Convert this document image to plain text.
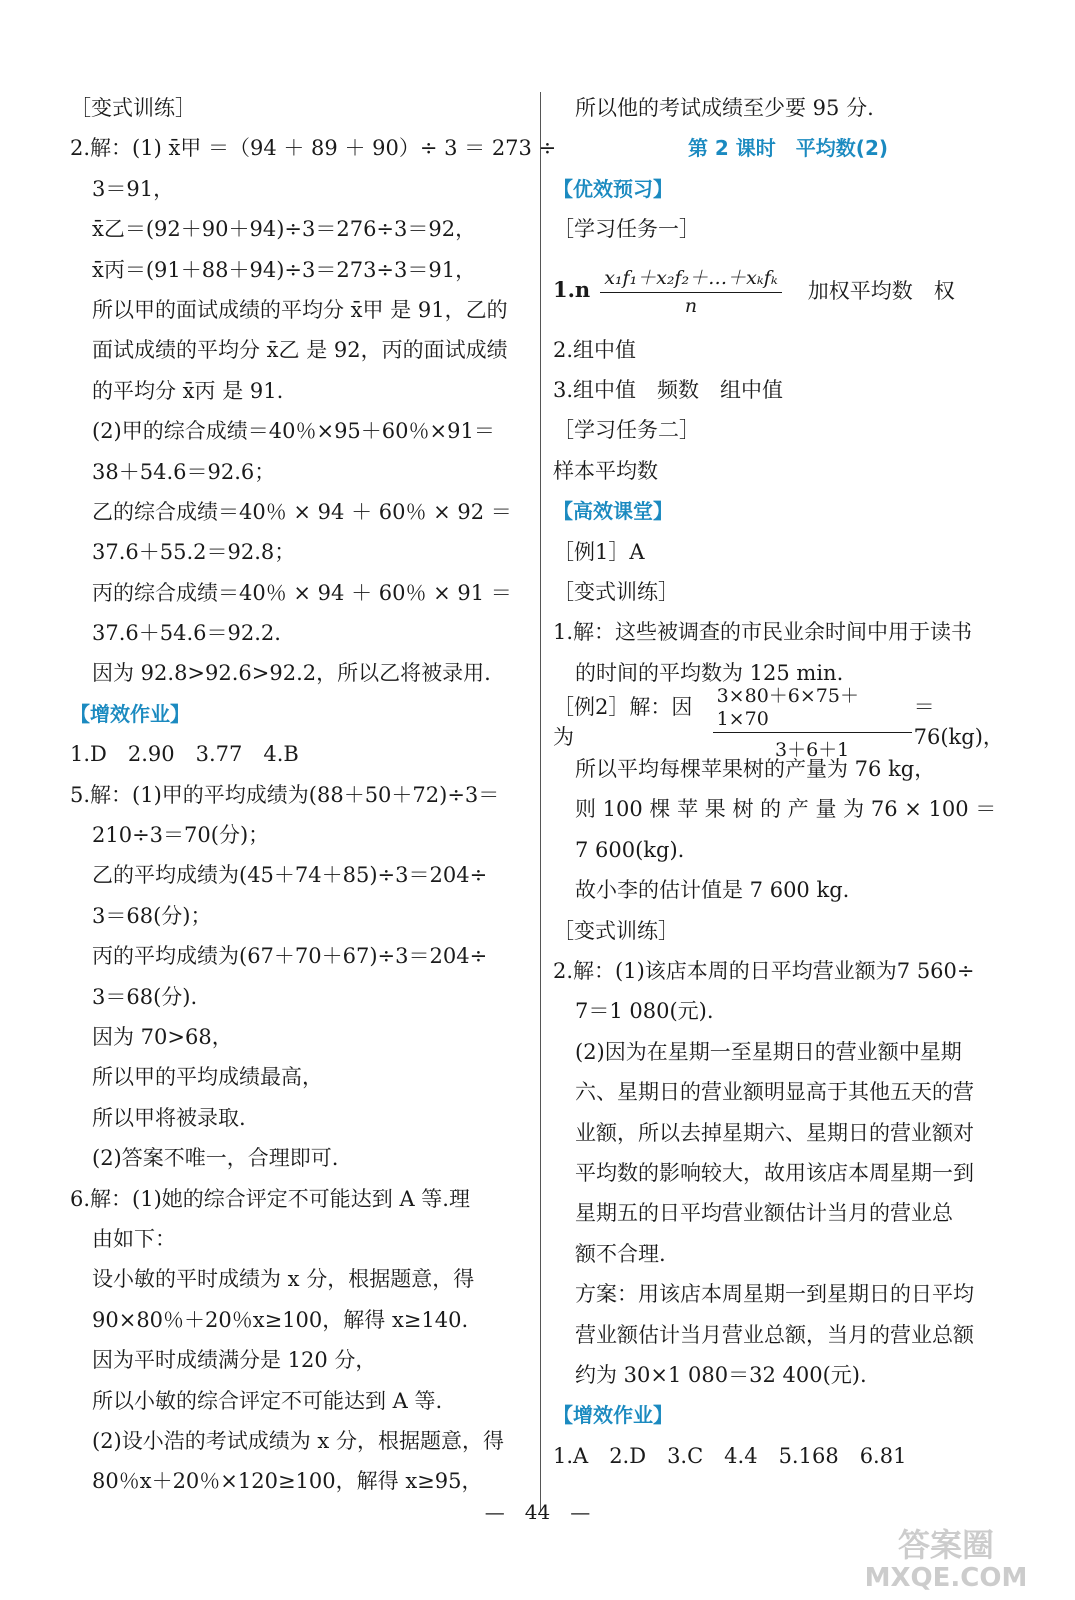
［变式训练］
2.解：(1) x̄甲 ＝（94 ＋ 89 ＋ 90）÷ 3 ＝ 273 ÷
3＝91，
x̄乙＝(92＋90＋94)÷3＝276÷3＝92，
x̄丙＝(91＋88＋94)÷3＝273÷3＝91，
所以甲的面试成绩的平均分 x̄甲 是 91，乙的
面试成绩的平均分 x̄乙 是 92，丙的面试成绩
的平均分 x̄丙 是 91.
(2)甲的综合成绩＝40％×95＋60％×91＝
38＋54.6＝92.6；
乙的综合成绩＝40％ × 94 ＋ 60％ × 92 ＝
37.6＋55.2＝92.8；
丙的综合成绩＝40％ × 94 ＋ 60％ × 91 ＝
37.6＋54.6＝92.2.
因为 92.8>92.6>92.2，所以乙将被录用.
【增效作业】
1.D　2.90　3.77　4.B
5.解：(1)甲的平均成绩为(88＋50＋72)÷3＝
210÷3＝70(分)；
乙的平均成绩为(45＋74＋85)÷3＝204÷
3＝68(分)；
丙的平均成绩为(67＋70＋67)÷3＝204÷
3＝68(分).
因为 70>68，
所以甲的平均成绩最高，
所以甲将被录取.
(2)答案不唯一，合理即可.
6.解：(1)她的综合评定不可能达到 A 等.理
由如下：
设小敏的平时成绩为 x 分，根据题意，得
90×80％＋20％x≥100，解得 x≥140.
因为平时成绩满分是 120 分，
所以小敏的综合评定不可能达到 A 等.
(2)设小浩的考试成绩为 x 分，根据题意，得
80％x＋20％×120≥100，解得 x≥95，
所以他的考试成绩至少要 95 分.
第 2 课时　平均数(2)
【优效预习】
［学习任务一］
$1.n \frac{\text{x₁f₁＋x₂f₂＋…＋xₖfₖ}}{n}$ 加权平均数　权
2.组中值
3.组中值　频数　组中值
［学习任务二］
样本平均数
【高效课堂】
［例1］A
［变式训练］
1.解：这些被调查的市民业余时间中用于读书
的时间的平均数为 125 min.
［例2］解：因为	$\frac{3\times 80+6\times 75+1\times 70}{3+6+1} =76(kg)$，
所以平均每棵苹果树的产量为 76 kg，
则 100 棵 苹 果 树 的 产 量 为 76 × 100 ＝
7 600(kg).
故小李的估计值是 7 600 kg.
［变式训练］
2.解：(1)该店本周的日平均营业额为7 560÷
7＝1 080(元).
(2)因为在星期一至星期日的营业额中星期
六、星期日的营业额明显高于其他五天的营
业额，所以去掉星期六、星期日的营业额对
平均数的影响较大，故用该店本周星期一到
星期五的日平均营业额估计当月的营业总
额不合理.
方案：用该店本周星期一到星期日的日平均
营业额估计当月营业总额，当月的营业总额
约为 30×1 080＝32 400(元).
【增效作业】
1.A　2.D　3.C　4.4　5.168　6.81
—　44　—
答案圈
MXQE.COM
